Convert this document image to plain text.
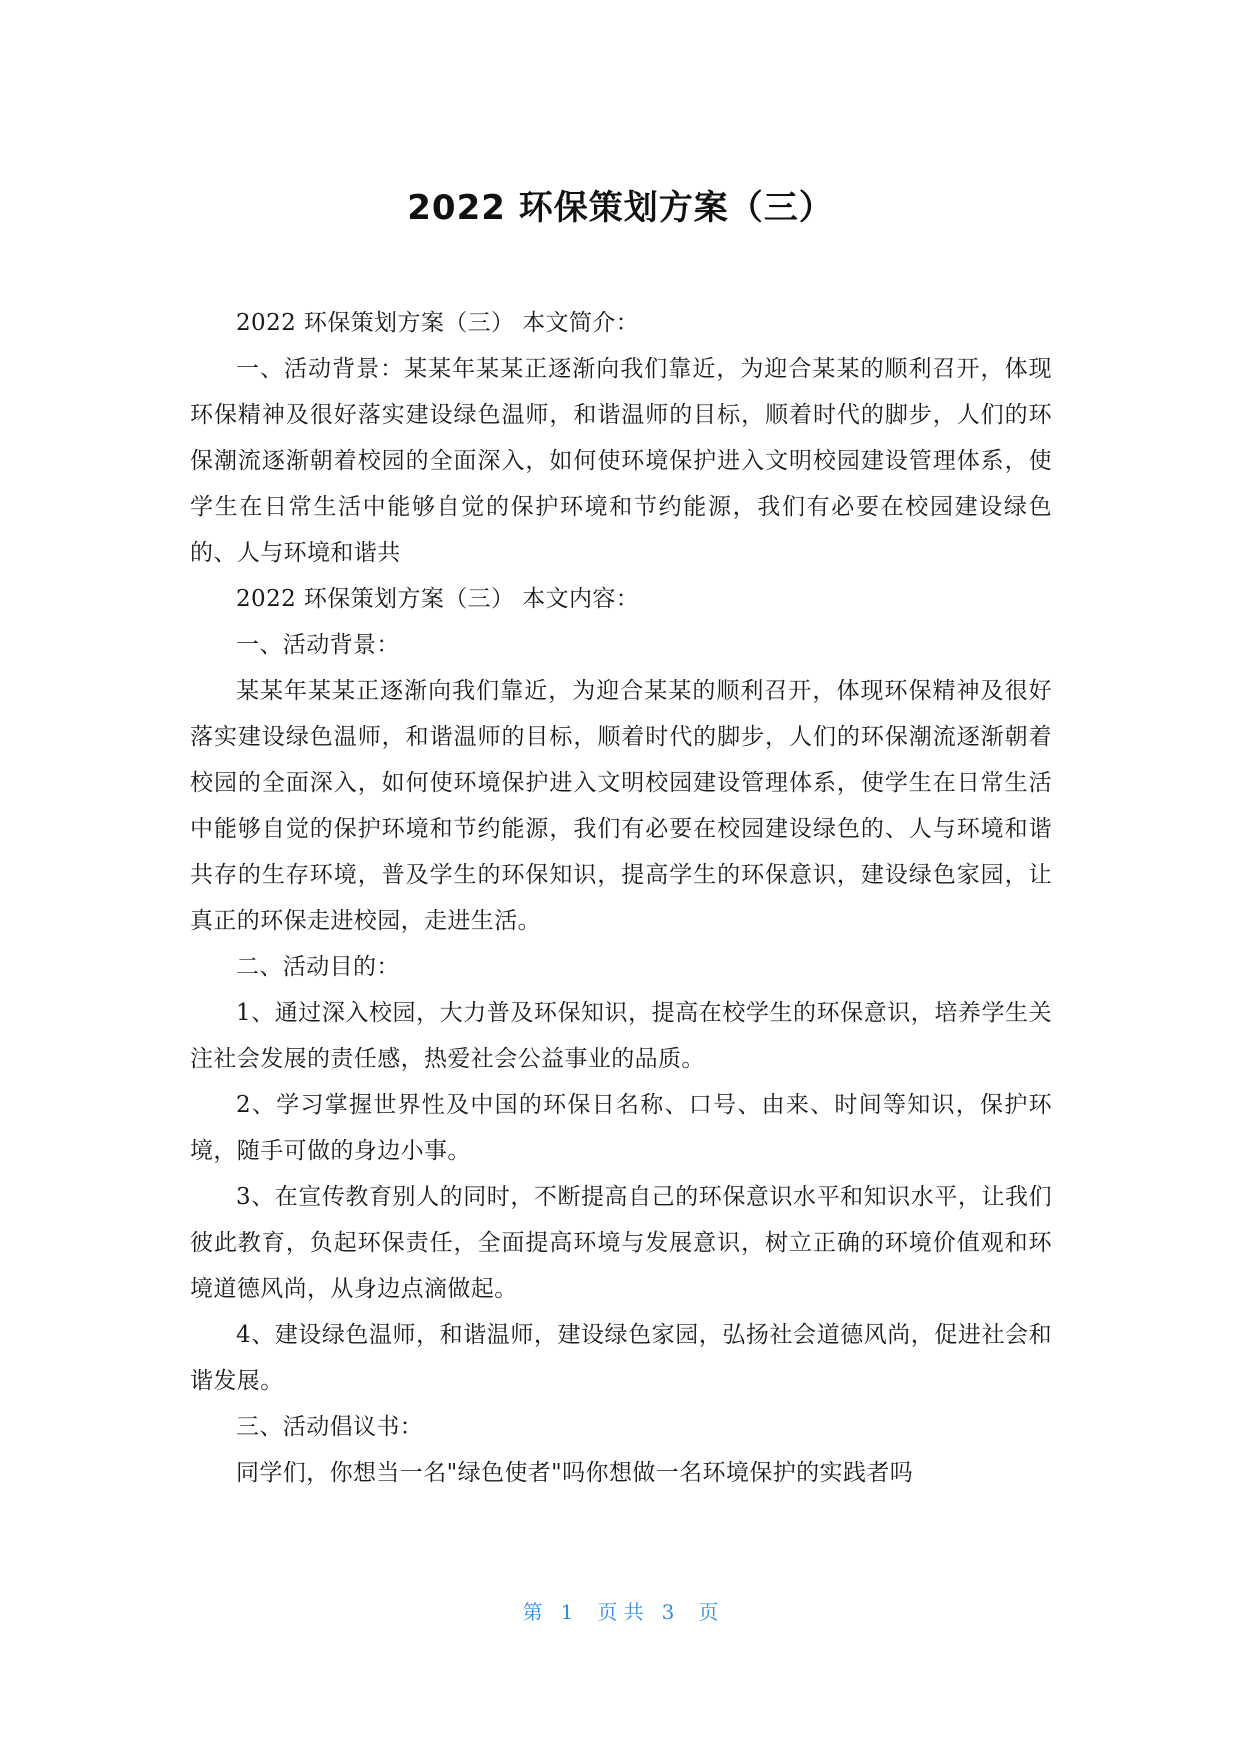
2022 环保策划方案（三）

2022 环保策划方案（三） 本文简介：

一、活动背景：某某年某某正逐渐向我们靠近，为迎合某某的顺利召开，体现环保精神及很好落实建设绿色温师，和谐温师的目标，顺着时代的脚步，人们的环保潮流逐渐朝着校园的全面深入，如何使环境保护进入文明校园建设管理体系，使学生在日常生活中能够自觉的保护环境和节约能源，我们有必要在校园建设绿色的、人与环境和谐共

2022 环保策划方案（三） 本文内容：

一、活动背景：

某某年某某正逐渐向我们靠近，为迎合某某的顺利召开，体现环保精神及很好落实建设绿色温师，和谐温师的目标，顺着时代的脚步，人们的环保潮流逐渐朝着校园的全面深入，如何使环境保护进入文明校园建设管理体系，使学生在日常生活中能够自觉的保护环境和节约能源，我们有必要在校园建设绿色的、人与环境和谐共存的生存环境，普及学生的环保知识，提高学生的环保意识，建设绿色家园，让真正的环保走进校园，走进生活。

二、活动目的：

1、通过深入校园，大力普及环保知识，提高在校学生的环保意识，培养学生关注社会发展的责任感，热爱社会公益事业的品质。

2、学习掌握世界性及中国的环保日名称、口号、由来、时间等知识，保护环境，随手可做的身边小事。

3、在宣传教育别人的同时，不断提高自己的环保意识水平和知识水平，让我们彼此教育，负起环保责任，全面提高环境与发展意识，树立正确的环境价值观和环境道德风尚，从身边点滴做起。

4、建设绿色温师，和谐温师，建设绿色家园，弘扬社会道德风尚，促进社会和谐发展。

三、活动倡议书：

同学们，你想当一名"绿色使者"吗你想做一名环境保护的实践者吗

第 1 页 共 3 页
